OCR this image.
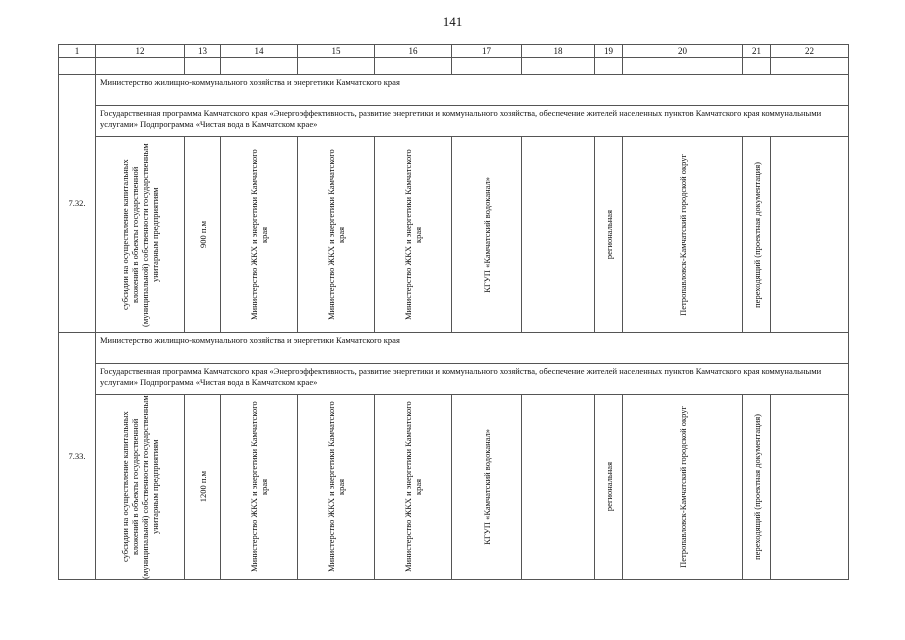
141
1	12	13	14	15	16	17	18	19	20	21	22

7.32.	Министерство жилищно-коммунального хозяйства и энергетики Камчатского края										
	Государственная программа Камчатского края «Энергоэффективность, развитие энергетики и коммунального хозяйства, обеспечение жителей населенных пунктов Камчатского края коммунальными услугами» Подпрограмма «Чистая вода в Камчатском крае»										

	субсидии на осуществление капитальных вложений в объекты государственной (муниципальной) собственности государственным унитарным предприятиям	900 п.м	Министерство ЖКХ и энергетики Камчатского края	Министерство ЖКХ и энергетики Камчатского края	Министерство ЖКХ и энергетики Камчатского края	КГУП «Камчатский водоканал»		региональная	Петропавловск-Камчатский городской округ	переходящий (проектная документация)	

7.33.	Министерство жилищно-коммунального хозяйства и энергетики Камчатского края										
	Государственная программа Камчатского края «Энергоэффективность, развитие энергетики и коммунального хозяйства, обеспечение жителей населенных пунктов Камчатского края коммунальными услугами» Подпрограмма «Чистая вода в Камчатском крае»										

	субсидии на осуществление капитальных вложений в объекты государственной (муниципальной) собственности государственным унитарным предприятиям	1200 п.м	Министерство ЖКХ и энергетики Камчатского края	Министерство ЖКХ и энергетики Камчатского края	Министерство ЖКХ и энергетики Камчатского края	КГУП «Камчатский водоканал»		региональная	Петропавловск-Камчатский городской округ	переходящий (проектная документация)	
